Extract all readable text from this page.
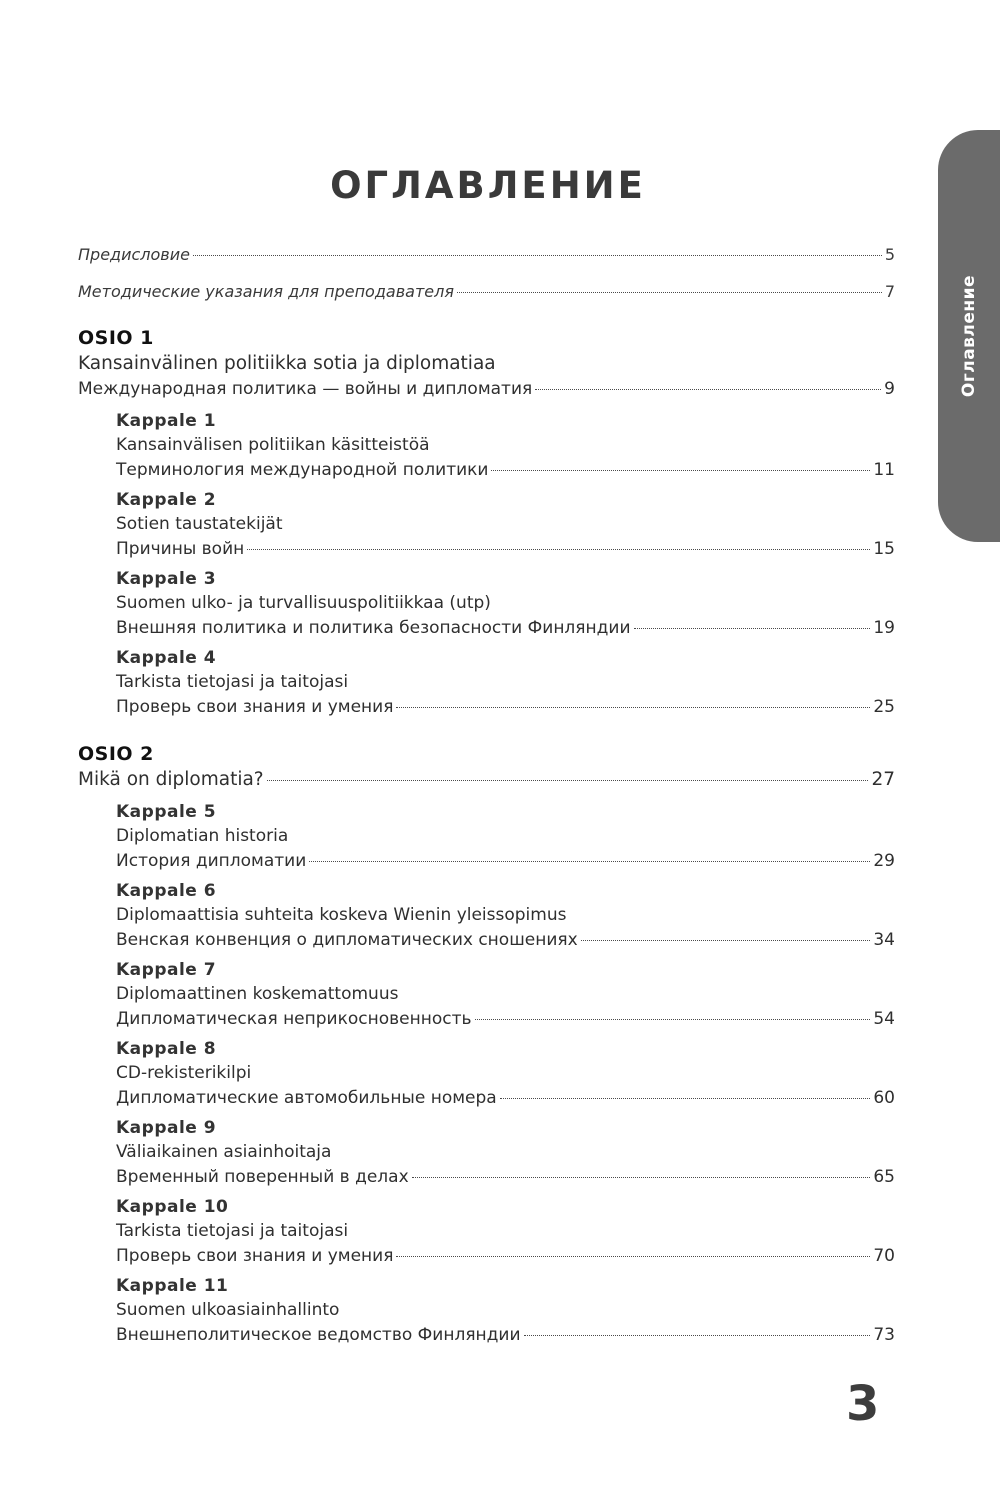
Оглавление
ОГЛАВЛЕНИЕ
Предисловие	5
Методические указания для преподавателя	7
OSIO 1
Kansainvälinen politiikka sotia ja diplomatiaa
Международная политика — войны и дипломатия	9
Kappale 1
Kansainvälisen politiikan käsitteistöä
Терминология международной политики	11
Kappale 2
Sotien taustatekijät
Причины войн	15
Kappale 3
Suomen ulko- ja turvallisuuspolitiikkaa (utp)
Внешняя политика и политика безопасности Финляндии	19
Kappale 4
Tarkista tietojasi ja taitojasi
Проверь свои знания и умения	25
OSIO 2
Mikä on diplomatia?	27
Kappale 5
Diplomatian historia
История дипломатии	29
Kappale 6
Diplomaattisia suhteita koskeva Wienin yleissopimus
Венская конвенция о дипломатических сношениях	34
Kappale 7
Diplomaattinen koskemattomuus
Дипломатическая неприкосновенность	54
Kappale 8
CD-rekisterikilpi
Дипломатические автомобильные номера	60
Kappale 9
Väliaikainen asiainhoitaja
Временный поверенный в делах	65
Kappale 10
Tarkista tietojasi ja taitojasi
Проверь свои знания и умения	70
Kappale 11
Suomen ulkoasiainhallinto
Внешнеполитическое ведомство Финляндии	73
3
